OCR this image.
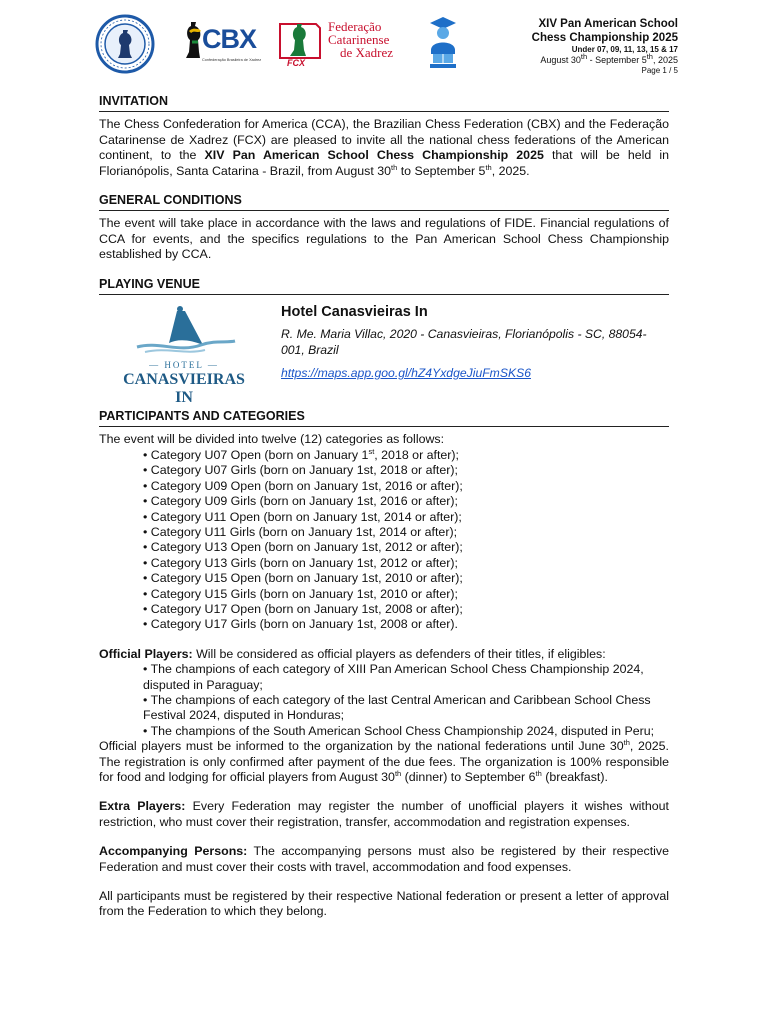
CBX
Confederação Brasileira de Xadrez	FCX
Federação
Catarinense
de Xadrez
XIV Pan American School
Chess Championship 2025
Under 07, 09, 11, 13, 15 & 17
August 30th - September 5th, 2025
Page 1 / 5
INVITATION

The Chess Confederation for America (CCA), the Brazilian Chess Federation (CBX) and the Federação Catarinense de Xadrez (FCX) are pleased to invite all the national chess federations of the American continent, to the XIV Pan American School Chess Championship 2025 that will be held in Florianópolis, Santa Catarina - Brazil, from August 30th to September 5th, 2025.

GENERAL CONDITIONS

The event will take place in accordance with the laws and regulations of FIDE. Financial regulations of CCA for events, and the specifics regulations to the Pan American School Chess Championship established by CCA.

PLAYING VENUE
— HOTEL —
CANASVIEIRAS IN
Hotel Canasvieiras In
R. Me. Maria Villac, 2020 - Canasvieiras, Florianópolis - SC, 88054-001, Brazil
https://maps.app.goo.gl/hZ4YxdgeJiuFmSKS6
PARTICIPANTS AND CATEGORIES

The event will be divided into twelve (12) categories as follows:

• Category U07 Open (born on January 1st, 2018 or after);
• Category U07 Girls (born on January 1st, 2018 or after);
• Category U09 Open (born on January 1st, 2016 or after);
• Category U09 Girls (born on January 1st, 2016 or after);
• Category U11 Open (born on January 1st, 2014 or after);
• Category U11 Girls (born on January 1st, 2014 or after);
• Category U13 Open (born on January 1st, 2012 or after);
• Category U13 Girls (born on January 1st, 2012 or after);
• Category U15 Open (born on January 1st, 2010 or after);
• Category U15 Girls (born on January 1st, 2010 or after);
• Category U17 Open (born on January 1st, 2008 or after);
• Category U17 Girls (born on January 1st, 2008 or after).

Official Players: Will be considered as official players as defenders of their titles, if eligibles:

• The champions of each category of XIII Pan American School Chess Championship 2024, disputed in Paraguay;
• The champions of each category of the last Central American and Caribbean School Chess Festival 2024, disputed in Honduras;
• The champions of the South American School Chess Championship 2024, disputed in Peru;

Official players must be informed to the organization by the national federations until June 30th, 2025. The registration is only confirmed after payment of the due fees. The organization is 100% responsible for food and lodging for official players from August 30th (dinner) to September 6th (breakfast).

Extra Players: Every Federation may register the number of unofficial players it wishes without restriction, who must cover their registration, transfer, accommodation and registration expenses.

Accompanying Persons: The accompanying persons must also be registered by their respective Federation and must cover their costs with travel, accommodation and food expenses.

All participants must be registered by their respective National federation or present a letter of approval from the Federation to which they belong.
